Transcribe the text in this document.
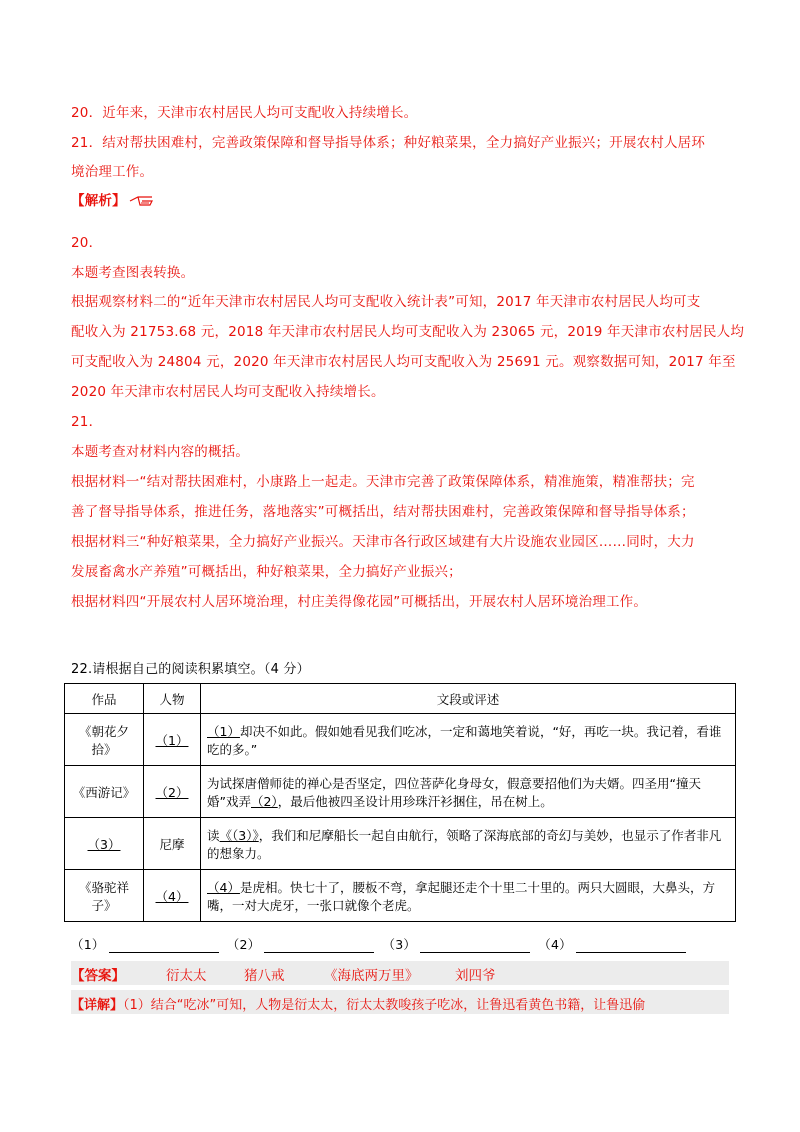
20．近年来，天津市农村居民人均可支配收入持续增长。
21．结对帮扶困难村，完善政策保障和督导指导体系；种好粮菜果，全力搞好产业振兴；开展农村人居环
境治理工作。
【解析】
20．
本题考查图表转换。
根据观察材料二的“近年天津市农村居民人均可支配收入统计表”可知，2017 年天津市农村居民人均可支
配收入为 21753.68 元，2018 年天津市农村居民人均可支配收入为 23065 元，2019 年天津市农村居民人均
可支配收入为 24804 元，2020 年天津市农村居民人均可支配收入为 25691 元。观察数据可知，2017 年至
2020 年天津市农村居民人均可支配收入持续增长。
21．
本题考查对材料内容的概括。
根据材料一“结对帮扶困难村，小康路上一起走。天津市完善了政策保障体系，精准施策，精准帮扶；完
善了督导指导体系，推进任务，落地落实”可概括出，结对帮扶困难村，完善政策保障和督导指导体系；
根据材料三“种好粮菜果，全力搞好产业振兴。天津市各行政区域建有大片设施农业园区……同时，大力
发展畜禽水产养殖”可概括出，种好粮菜果，全力搞好产业振兴；
根据材料四“开展农村人居环境治理，村庄美得像花园”可概括出，开展农村人居环境治理工作。
22.请根据自己的阅读积累填空。（4 分）
作品	人物	文段或评述
《朝花夕拾》	（1）	（1）却决不如此。假如她看见我们吃冰，一定和蔼地笑着说，“好，再吃一块。我记着，看谁吃的多。”
《西游记》	（2）	为试探唐僧师徒的禅心是否坚定，四位菩萨化身母女，假意要招他们为夫婿。四圣用“撞天婚”戏弄（2），最后他被四圣设计用珍珠汗衫捆住，吊在树上。
（3）	尼摩	读《（3）》，我们和尼摩船长一起自由航行，领略了深海底部的奇幻与美妙，也显示了作者非凡的想象力。
《骆驼祥子》	（4）	（4）是虎相。快七十了，腰板不弯，拿起腿还走个十里二十里的。两只大圆眼，大鼻头，方嘴，一对大虎牙，一张口就像个老虎。
（1）	（2）	（3）	（4）
【答案】	衍太太	猪八戒	《海底两万里》	刘四爷
【详解】（1）结合“吃冰”可知，人物是衍太太，衍太太教唆孩子吃冰，让鲁迅看黄色书籍，让鲁迅偷
